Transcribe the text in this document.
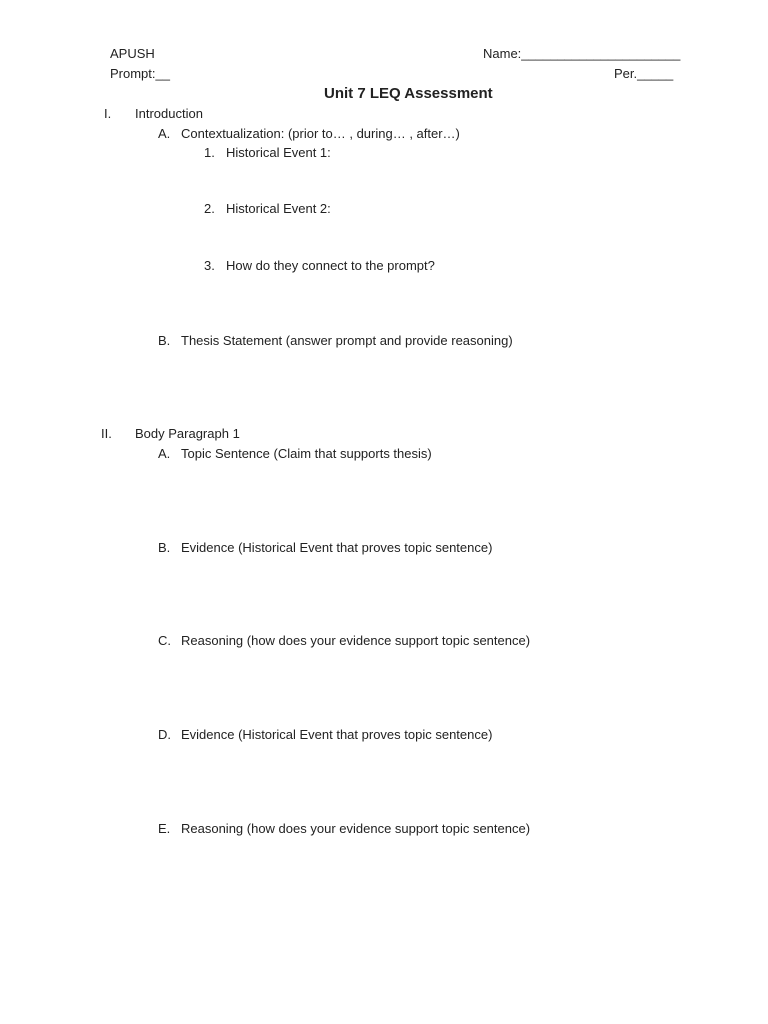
APUSH
Prompt:__
Name:______________________
Per._____
Unit 7 LEQ Assessment
I. Introduction
A. Contextualization: (prior to… , during… , after…)
1. Historical Event 1:
2. Historical Event 2:
3. How do they connect to the prompt?
B. Thesis Statement (answer prompt and provide reasoning)
II. Body Paragraph 1
A. Topic Sentence (Claim that supports thesis)
B. Evidence (Historical Event that proves topic sentence)
C. Reasoning (how does your evidence support topic sentence)
D. Evidence (Historical Event that proves topic sentence)
E. Reasoning (how does your evidence support topic sentence)
